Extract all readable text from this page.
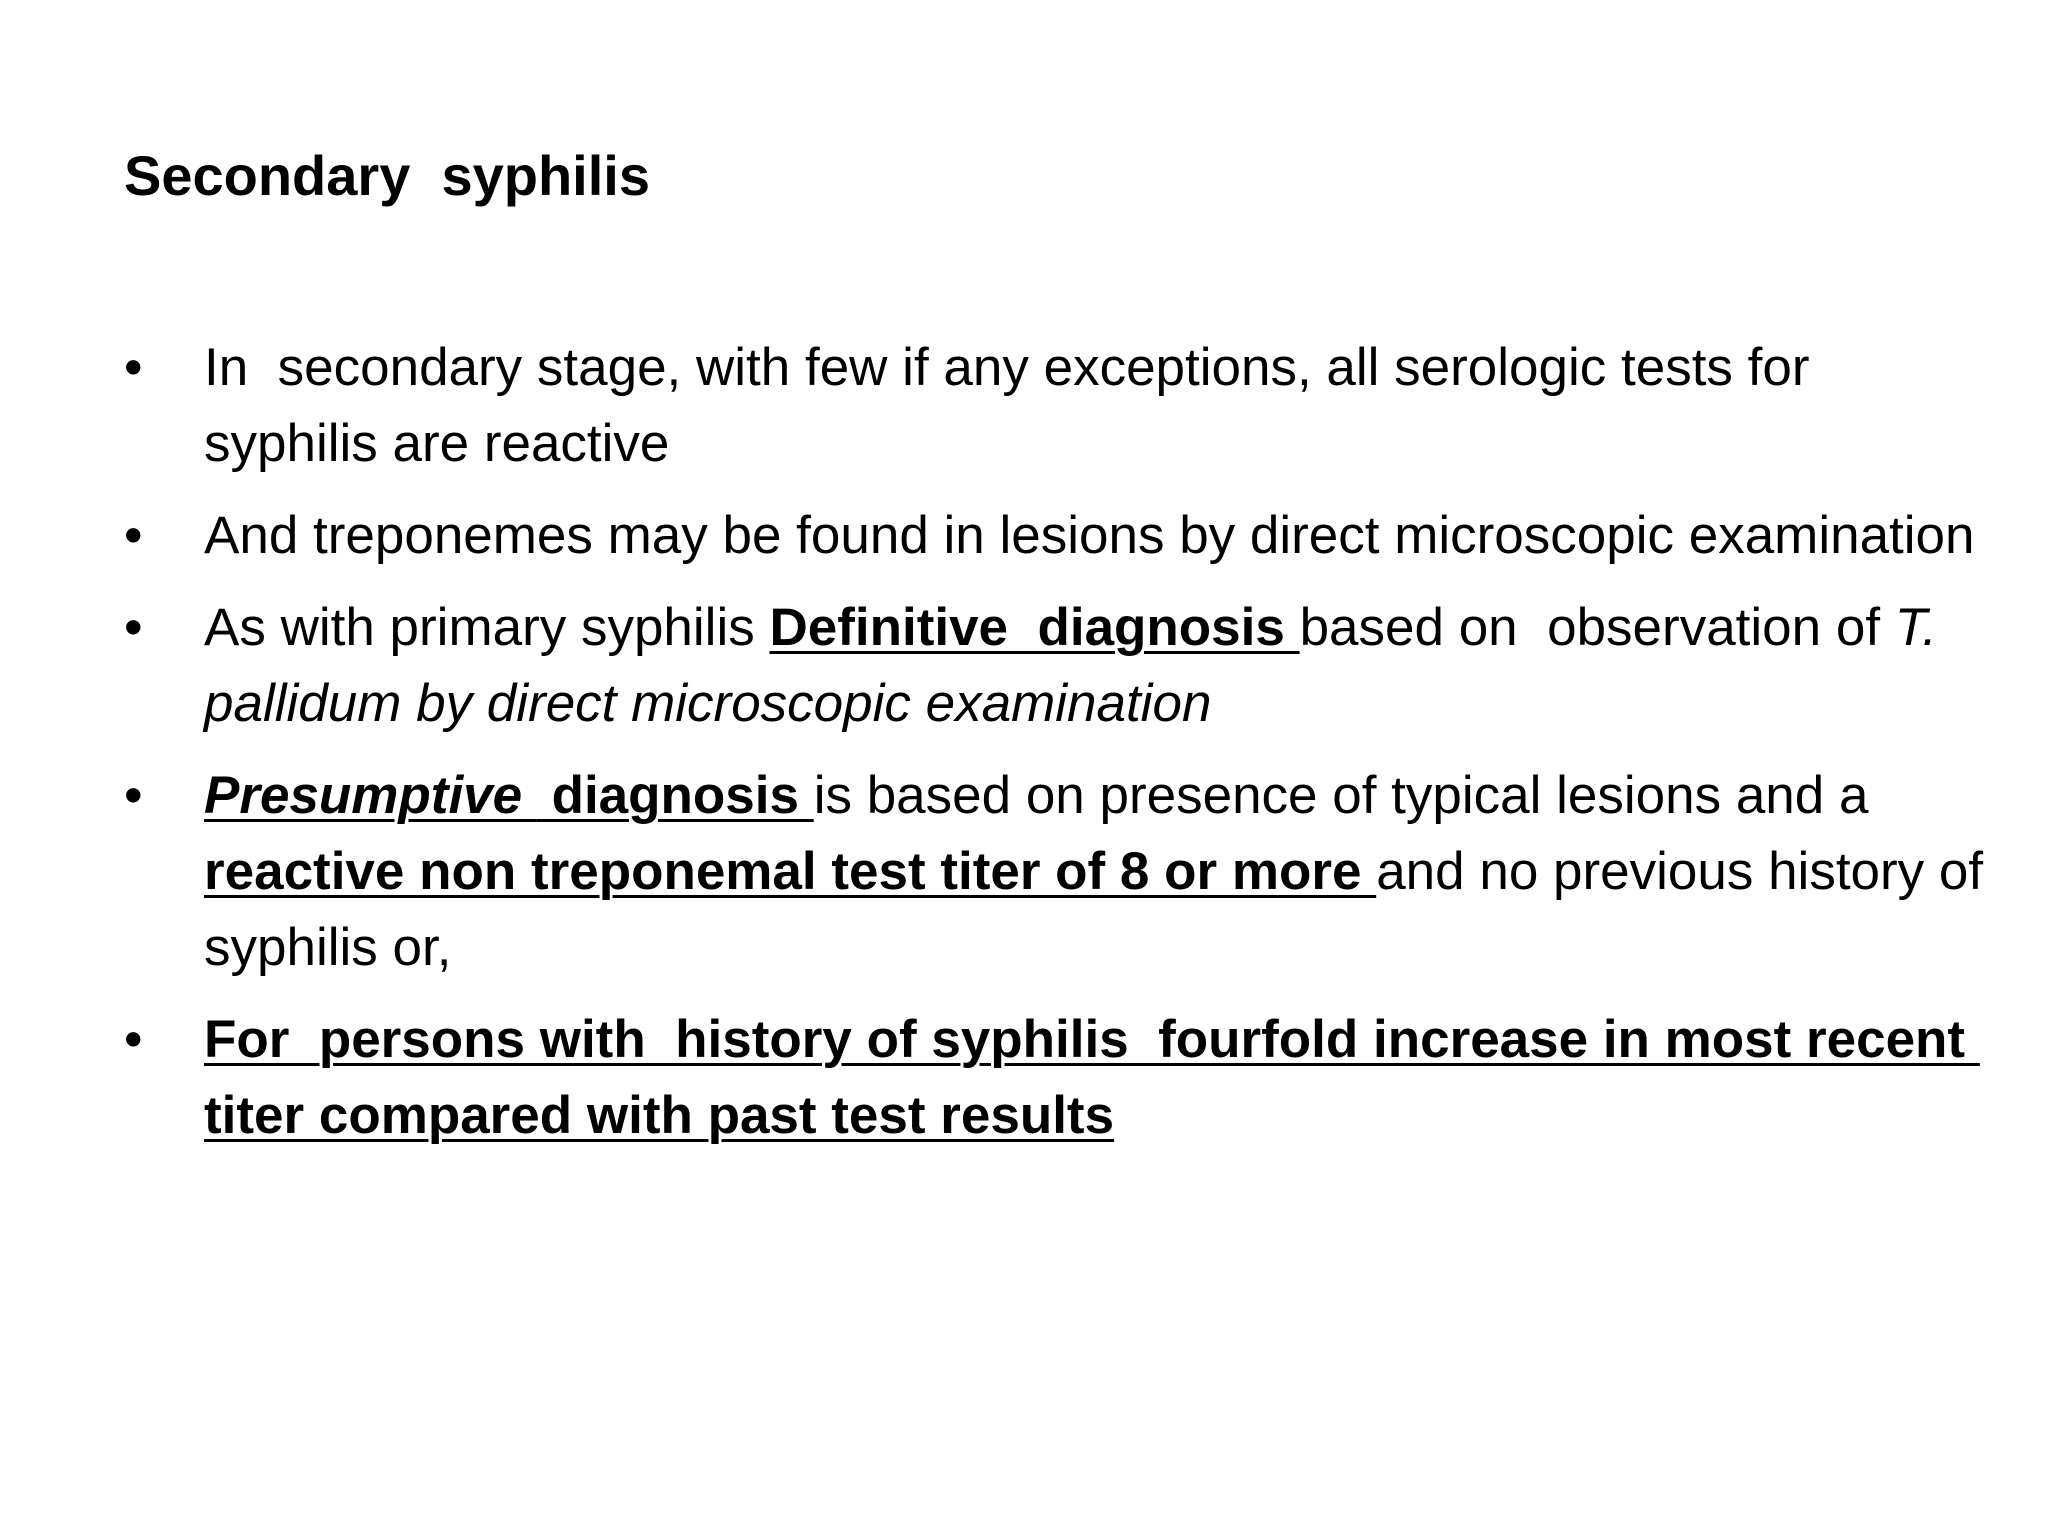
Secondary  syphilis
•	In  secondary stage, with few if any exceptions, all serologic tests for syphilis are reactive
•	And treponemes may be found in lesions by direct microscopic examination
•	As with primary syphilis Definitive  diagnosis based on  observation of T. pallidum by direct microscopic examination
•	Presumptive  diagnosis is based on presence of typical lesions and a reactive non treponemal test titer of 8 or more and no previous history of syphilis or,
•	For  persons with  history of syphilis  fourfold increase in most recent titer compared with past test results
